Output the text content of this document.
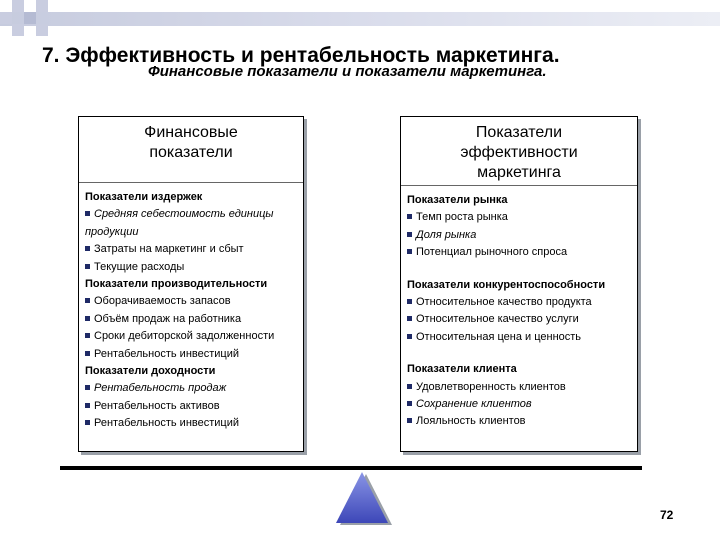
7. Эффективность и рентабельность маркетинга.
Финансовые показатели и показатели маркетинга.
Финансовые
показатели
Показатели издержек
Средняя себестоимость единицы продукции
Затраты на маркетинг и сбыт
Текущие расходы
Показатели производительности
Оборачиваемость запасов
Объём продаж на работника
Сроки дебиторской задолженности
Рентабельность инвестиций
Показатели доходности
Рентабельность продаж
Рентабельность активов
Рентабельность инвестиций
Показатели
эффективности
маркетинга
Показатели рынка
Темп роста рынка
Доля рынка
Потенциал рыночного спроса
Показатели конкурентоспособности
Относительное качество продукта
Относительное качество услуги
Относительная цена и ценность
Показатели клиента
Удовлетворенность клиентов
Сохранение клиентов
Лояльность клиентов
72
